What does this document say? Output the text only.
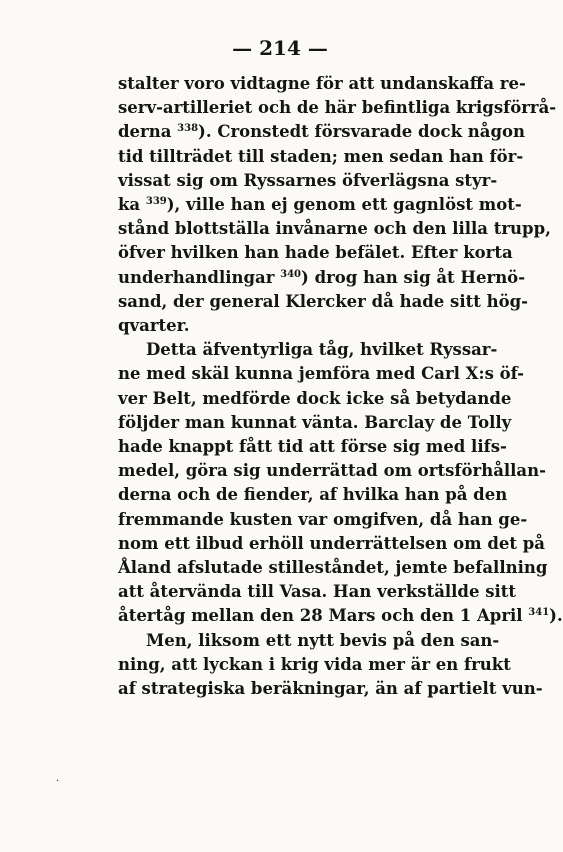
— 214 —
stalter voro vidtagne för att undanskaffa re-
serv-artilleriet och de här befintliga krigsförrå-
derna $^{338}$). Cronstedt försvarade dock någon
tid tillträdet till staden; men sedan han för-
vissat sig om Ryssarnes öfverlägsna styr-
ka $^{339}$), ville han ej genom ett gagnlöst mot-
stånd blottställa invånarne och den lilla trupp,
öfver hvilken han hade befälet. Efter korta
underhandlingar $^{340}$) drog han sig åt Hernö-
sand, der general Klercker då hade sitt hög-
qvarter.
Detta äfventyrliga tåg, hvilket Ryssar-
ne med skäl kunna jemföra med Carl X:s öf-
ver Belt, medförde dock icke så betydande
följder man kunnat vänta. Barclay de Tolly
hade knappt fått tid att förse sig med lifs-
medel, göra sig underrättad om ortsförhållan-
derna och de fiender, af hvilka han på den
fremmande kusten var omgifven, då han ge-
nom ett ilbud erhöll underrättelsen om det på
Åland afslutade stilleståndet, jemte befallning
att återvända till Vasa. Han verkställde sitt
återtåg mellan den 28 Mars och den 1 April $^{341}$).
Men, liksom ett nytt bevis på den san-
ning, att lyckan i krig vida mer är en frukt
af strategiska beräkningar, än af partielt vun-
·
